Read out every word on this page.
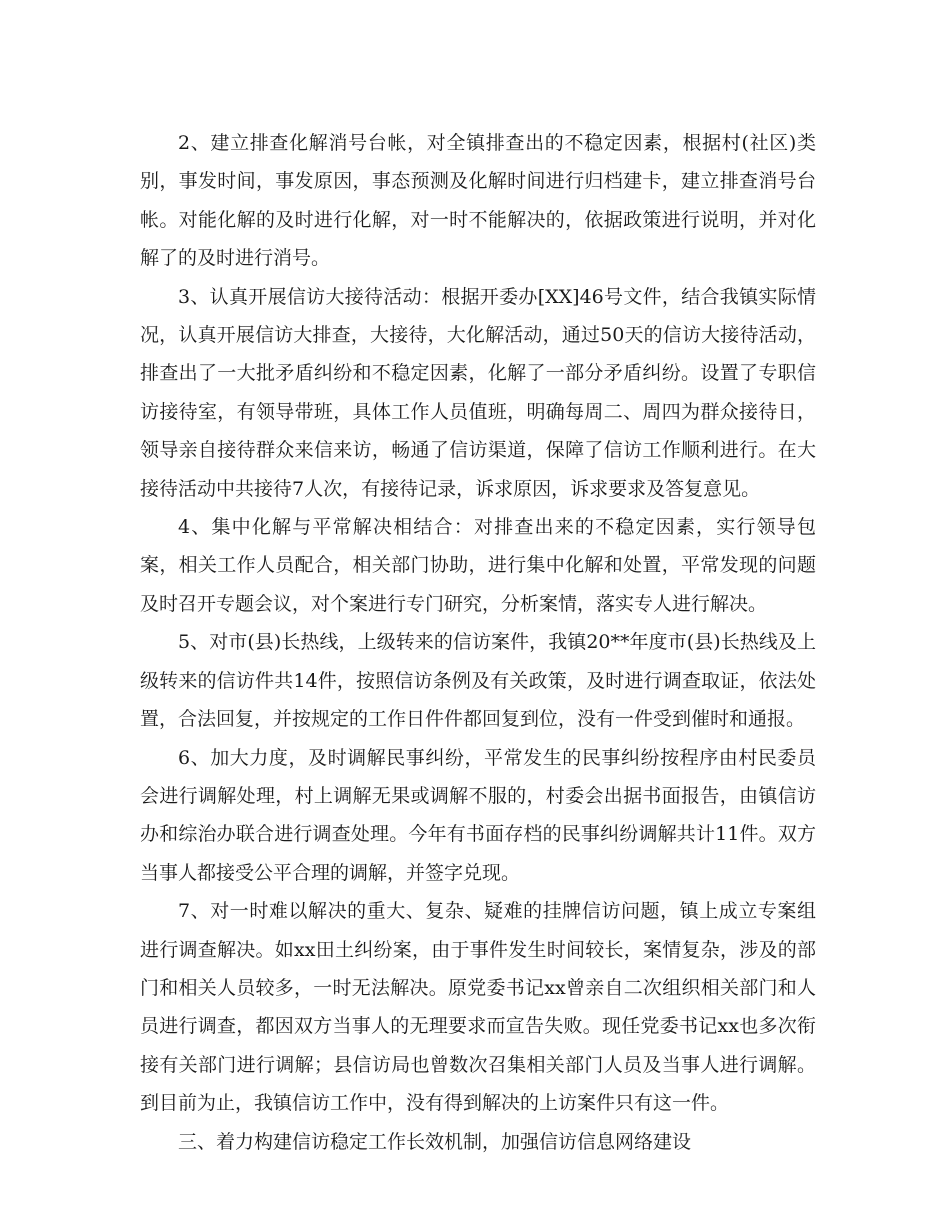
2、建立排查化解消号台帐，对全镇排查出的不稳定因素，根据村(社区)类别，事发时间，事发原因，事态预测及化解时间进行归档建卡，建立排查消号台帐。对能化解的及时进行化解，对一时不能解决的，依据政策进行说明，并对化解了的及时进行消号。

3、认真开展信访大接待活动：根据开委办[XX]46号文件，结合我镇实际情况，认真开展信访大排查，大接待，大化解活动，通过50天的信访大接待活动，排查出了一大批矛盾纠纷和不稳定因素，化解了一部分矛盾纠纷。设置了专职信访接待室，有领导带班，具体工作人员值班，明确每周二、周四为群众接待日，领导亲自接待群众来信来访，畅通了信访渠道，保障了信访工作顺利进行。在大接待活动中共接待7人次，有接待记录，诉求原因，诉求要求及答复意见。

4、集中化解与平常解决相结合：对排查出来的不稳定因素，实行领导包案，相关工作人员配合，相关部门协助，进行集中化解和处置，平常发现的问题及时召开专题会议，对个案进行专门研究，分析案情，落实专人进行解决。

5、对市(县)长热线，上级转来的信访案件，我镇20**年度市(县)长热线及上级转来的信访件共14件，按照信访条例及有关政策，及时进行调查取证，依法处置，合法回复，并按规定的工作日件件都回复到位，没有一件受到催时和通报。

6、加大力度，及时调解民事纠纷，平常发生的民事纠纷按程序由村民委员会进行调解处理，村上调解无果或调解不服的，村委会出据书面报告，由镇信访办和综治办联合进行调查处理。今年有书面存档的民事纠纷调解共计11件。双方当事人都接受公平合理的调解，并签字兑现。

7、对一时难以解决的重大、复杂、疑难的挂牌信访问题，镇上成立专案组进行调查解决。如xx田土纠纷案，由于事件发生时间较长，案情复杂，涉及的部门和相关人员较多，一时无法解决。原党委书记xx曾亲自二次组织相关部门和人员进行调查，都因双方当事人的无理要求而宣告失败。现任党委书记xx也多次衔接有关部门进行调解；县信访局也曾数次召集相关部门人员及当事人进行调解。到目前为止，我镇信访工作中，没有得到解决的上访案件只有这一件。

三、着力构建信访稳定工作长效机制，加强信访信息网络建设
